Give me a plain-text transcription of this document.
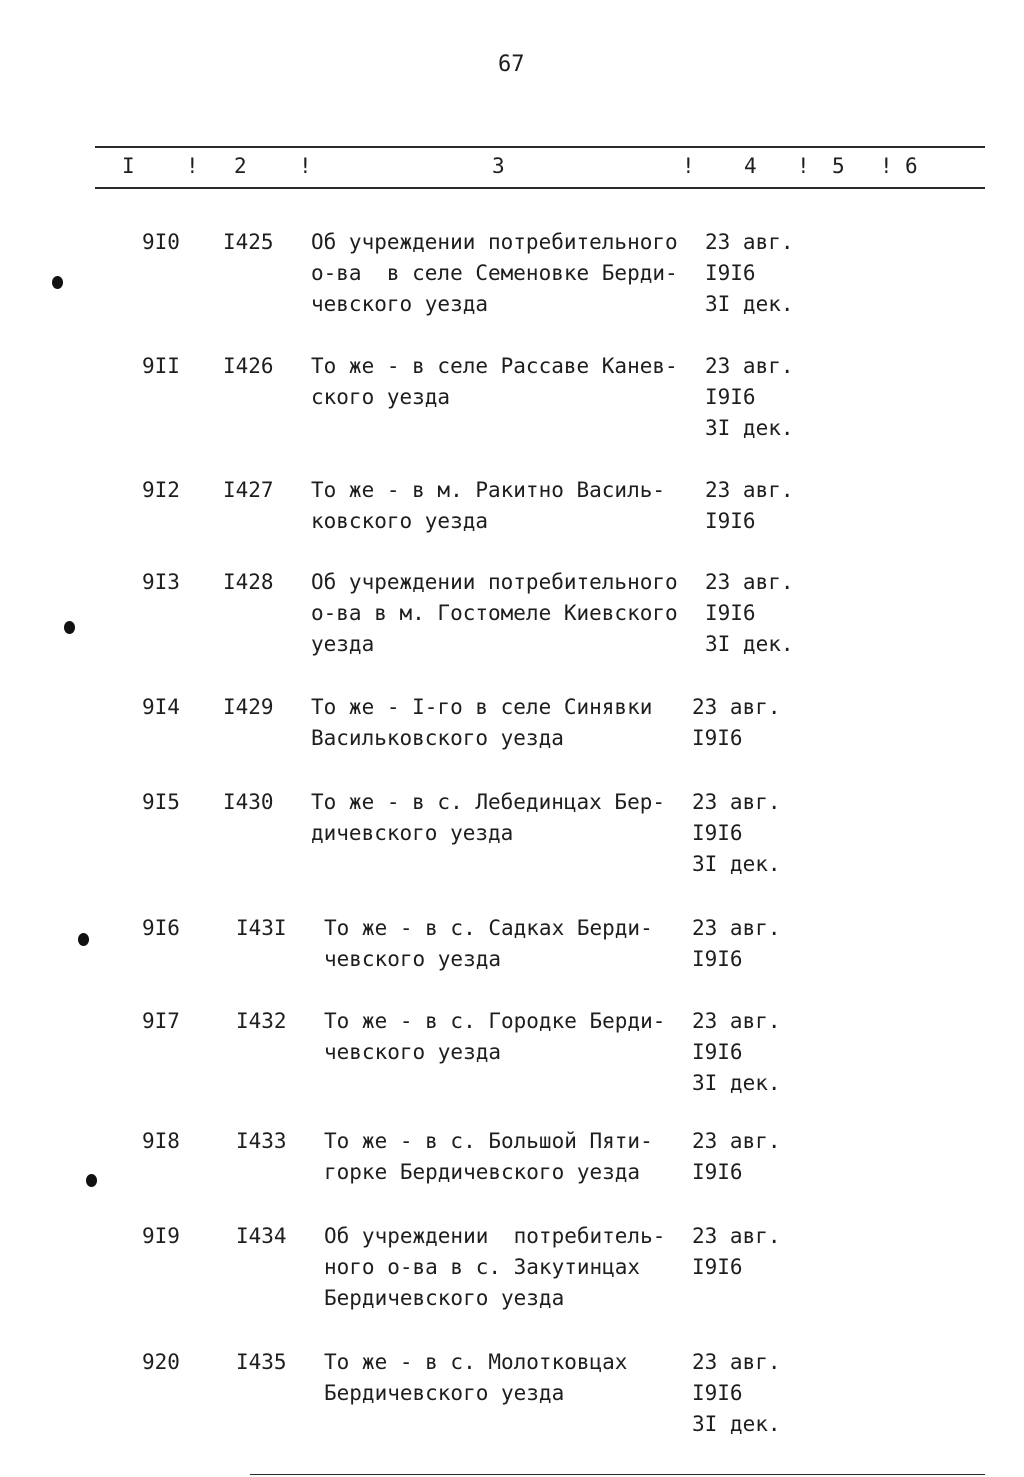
67
I ! 2 !	3	! 4 ! 5 ! 6
9I0 I425 Об учреждении потребительного
о-ва  в селе Семеновке Берди-
чевского уезда
23 авг.
I9I6
3I дек.
9II I426 То же - в селе Рассаве Канев-
ского уезда
23 авг.
I9I6
3I дек.
9I2 I427 То же - в м. Ракитно Василь-
ковского уезда
23 авг.
I9I6
9I3 I428 Об учреждении потребительного
о-ва в м. Гостомеле Киевского
уезда
23 авг.
I9I6
3I дек.
9I4 I429 То же - I-го в селе Синявки
Васильковского уезда
23 авг.
I9I6
9I5 I430 То же - в с. Лебединцах Бер-
дичевского уезда
23 авг.
I9I6
3I дек.
9I6	I43I То же - в с. Садках Берди-
чевского уезда
23 авг.
I9I6
9I7	I432 То же - в с. Городке Берди-
чевского уезда
23 авг.
I9I6
3I дек.
9I8	I433 То же - в с. Большой Пяти-
горке Бердичевского уезда
23 авг.
I9I6
9I9	I434 Об учреждении  потребитель-
ного о-ва в с. Закутинцах
Бердичевского уезда
23 авг.
I9I6
920	I435 То же - в с. Молотковцах
Бердичевского уезда
23 авг.
I9I6
3I дек.
